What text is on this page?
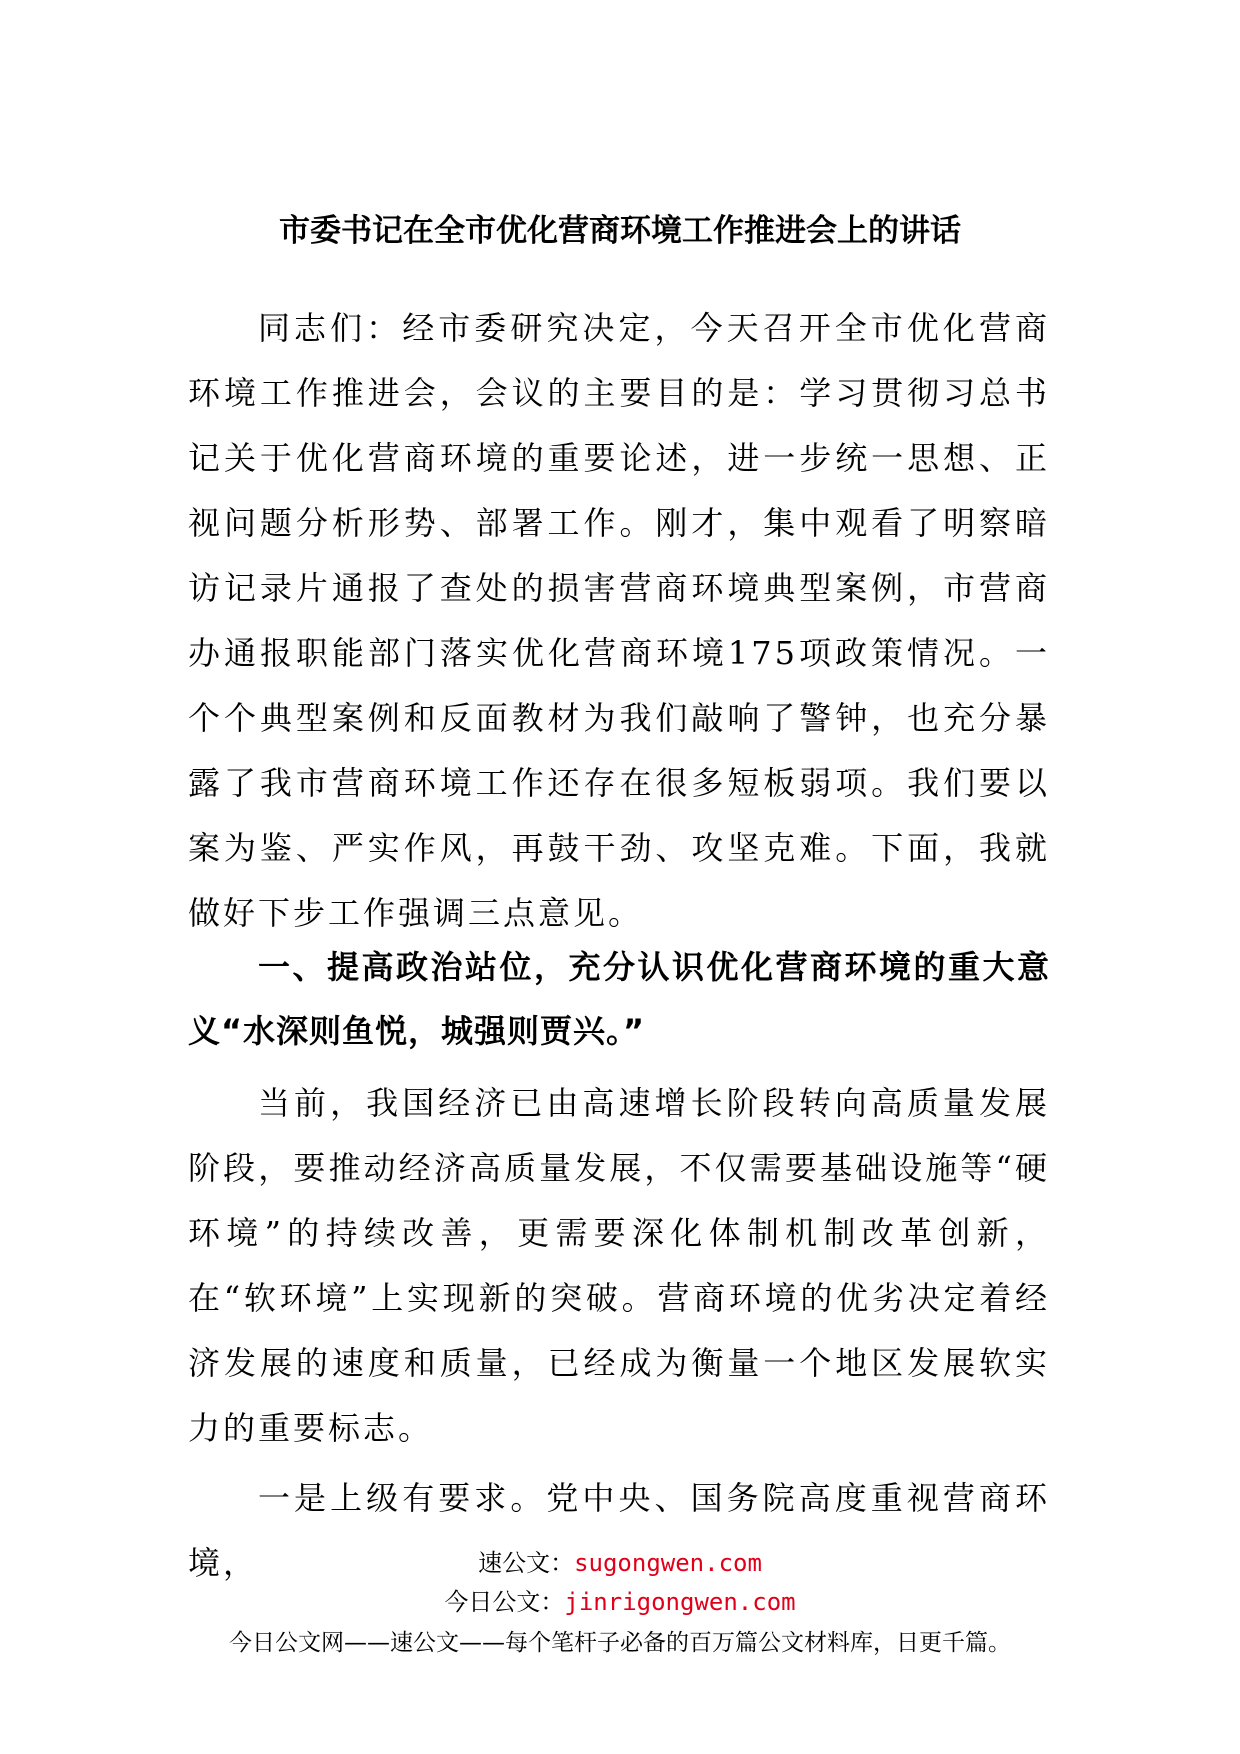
市委书记在全市优化营商环境工作推进会上的讲话
同志们：经市委研究决定，今天召开全市优化营商环境工作推进会，会议的主要目的是：学习贯彻习总书记关于优化营商环境的重要论述，进一步统一思想、正视问题分析形势、部署工作。刚才，集中观看了明察暗访记录片通报了查处的损害营商环境典型案例，市营商办通报职能部门落实优化营商环境175项政策情况。一个个典型案例和反面教材为我们敲响了警钟，也充分暴露了我市营商环境工作还存在很多短板弱项。我们要以案为鉴、严实作风，再鼓干劲、攻坚克难。下面，我就做好下步工作强调三点意见。
一、提高政治站位，充分认识优化营商环境的重大意义“水深则鱼悦，城强则贾兴。”
当前，我国经济已由高速增长阶段转向高质量发展阶段，要推动经济高质量发展，不仅需要基础设施等“硬环境”的持续改善，更需要深化体制机制改革创新，在“软环境”上实现新的突破。营商环境的优劣决定着经济发展的速度和质量，已经成为衡量一个地区发展软实力的重要标志。
一是上级有要求。党中央、国务院高度重视营商环境，	速公文：sugongwen.com
今日公文：jinrigongwen.com
今日公文网——速公文——每个笔杆子必备的百万篇公文材料库，日更千篇。
